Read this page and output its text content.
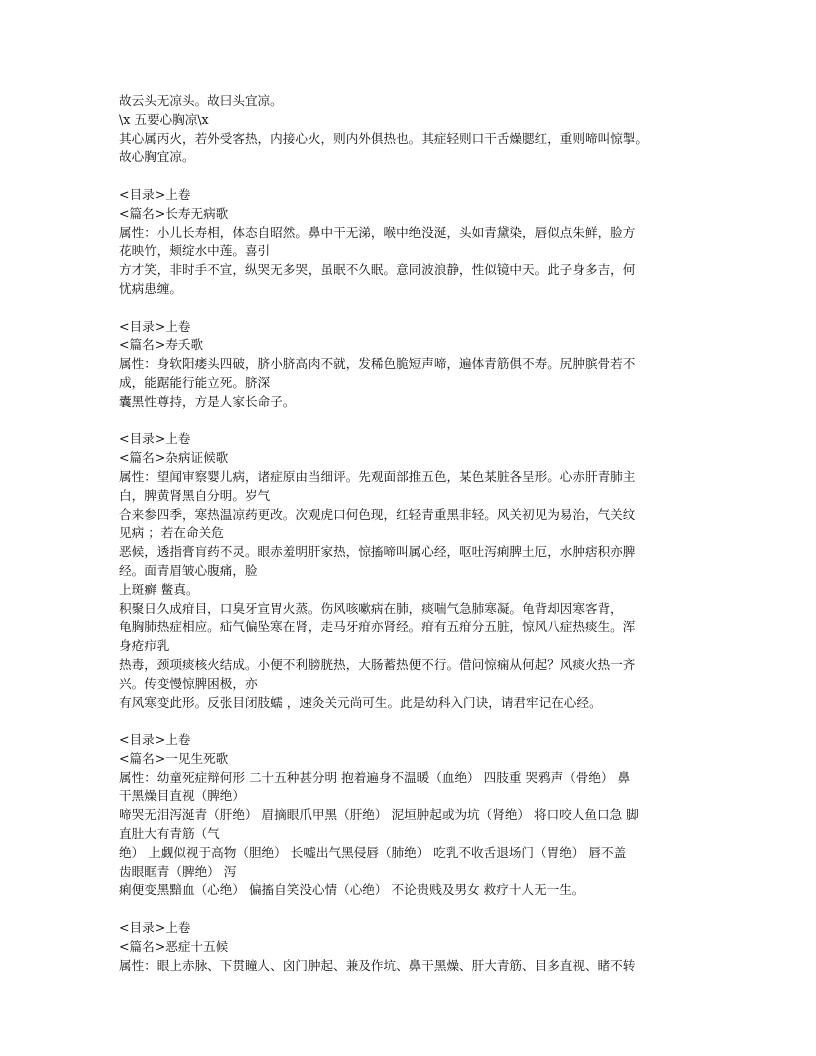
故云头无凉头。故曰头宜凉。
\x 五要心胸凉\x
其心属丙火，若外受客热，内接心火，则内外俱热也。其症轻则口干舌燥腮红，重则啼叫惊掣。
故心胸宜凉。
<目录>上卷
<篇名>长寿无病歌
属性：小儿长寿相，体态自昭然。鼻中干无涕，喉中绝没涎，头如青黛染，唇似点朱鲜，脸方
花映竹，颊绽水中莲。喜引
方才笑，非时手不宣，纵哭无多哭，虽眠不久眠。意同波浪静，性似镜中天。此子身多吉，何
忧病患缠。
<目录>上卷
<篇名>寿夭歌
属性：身软阳痿头四破，脐小脐高肉不就，发稀色脆短声啼，遍体青筋俱不寿。尻肿膑骨若不
成，能踞能行能立死。脐深
囊黑性尊持，方是人家长命子。
<目录>上卷
<篇名>杂病证候歌
属性：望闻审察婴儿病，诸症原由当细评。先观面部推五色，某色某脏各呈形。心赤肝青肺主
白，脾黄肾黑自分明。岁气
合来参四季，寒热温凉药更改。次观虎口何色现，红轻青重黑非轻。风关初见为易治，气关纹
见病 ；若在命关危
恶候，透指膏肓药不灵。眼赤羞明肝家热，惊搐啼叫属心经，呕吐泻痢脾土厄，水肿痞积亦脾
经。面青眉皱心腹痛，脸
上斑癣 鳖真。
积聚日久成疳目，口臭牙宣胃火蒸。伤风咳嗽病在肺，痰喘气急肺寒凝。龟背却因寒客背，
龟胸肺热症相应。疝气偏坠寒在肾，走马牙疳亦肾经。疳有五疳分五脏，惊风八症热痰生。浑
身疮疖乳
热毒，颈项痰核火结成。小便不利膀胱热，大肠蓄热便不行。借问惊痫从何起？风痰火热一齐
兴。传变慢惊脾困极，亦
有风寒变此形。反张目闭肢蠕 ，速灸关元尚可生。此是幼科入门诀，请君牢记在心经。
<目录>上卷
<篇名>一见生死歌
属性：幼童死症辩何形 二十五种甚分明 抱着遍身不温暖（血绝） 四肢重 哭鸦声（骨绝） 鼻
干黑燥目直视（脾绝）
啼哭无泪泻涎青（肝绝） 眉摘眼爪甲黑（肝绝） 泥垣肿起或为坑（肾绝） 将口咬人鱼口急 脚
直肚大有青筋（气
绝） 上觑似视于高物（胆绝） 长嘘出气黑侵唇（肺绝） 吃乳不收舌退场门（胃绝） 唇不盖
齿眼眶青（脾绝） 泻
痢便变黑黯血（心绝） 偏搐自笑没心情（心绝） 不论贵贱及男女 救疗十人无一生。
<目录>上卷
<篇名>恶症十五候
属性：眼上赤脉、下贯瞳人、囟门肿起、兼及作坑、鼻干黑燥、肝大青筋、目多直视、睹不转
